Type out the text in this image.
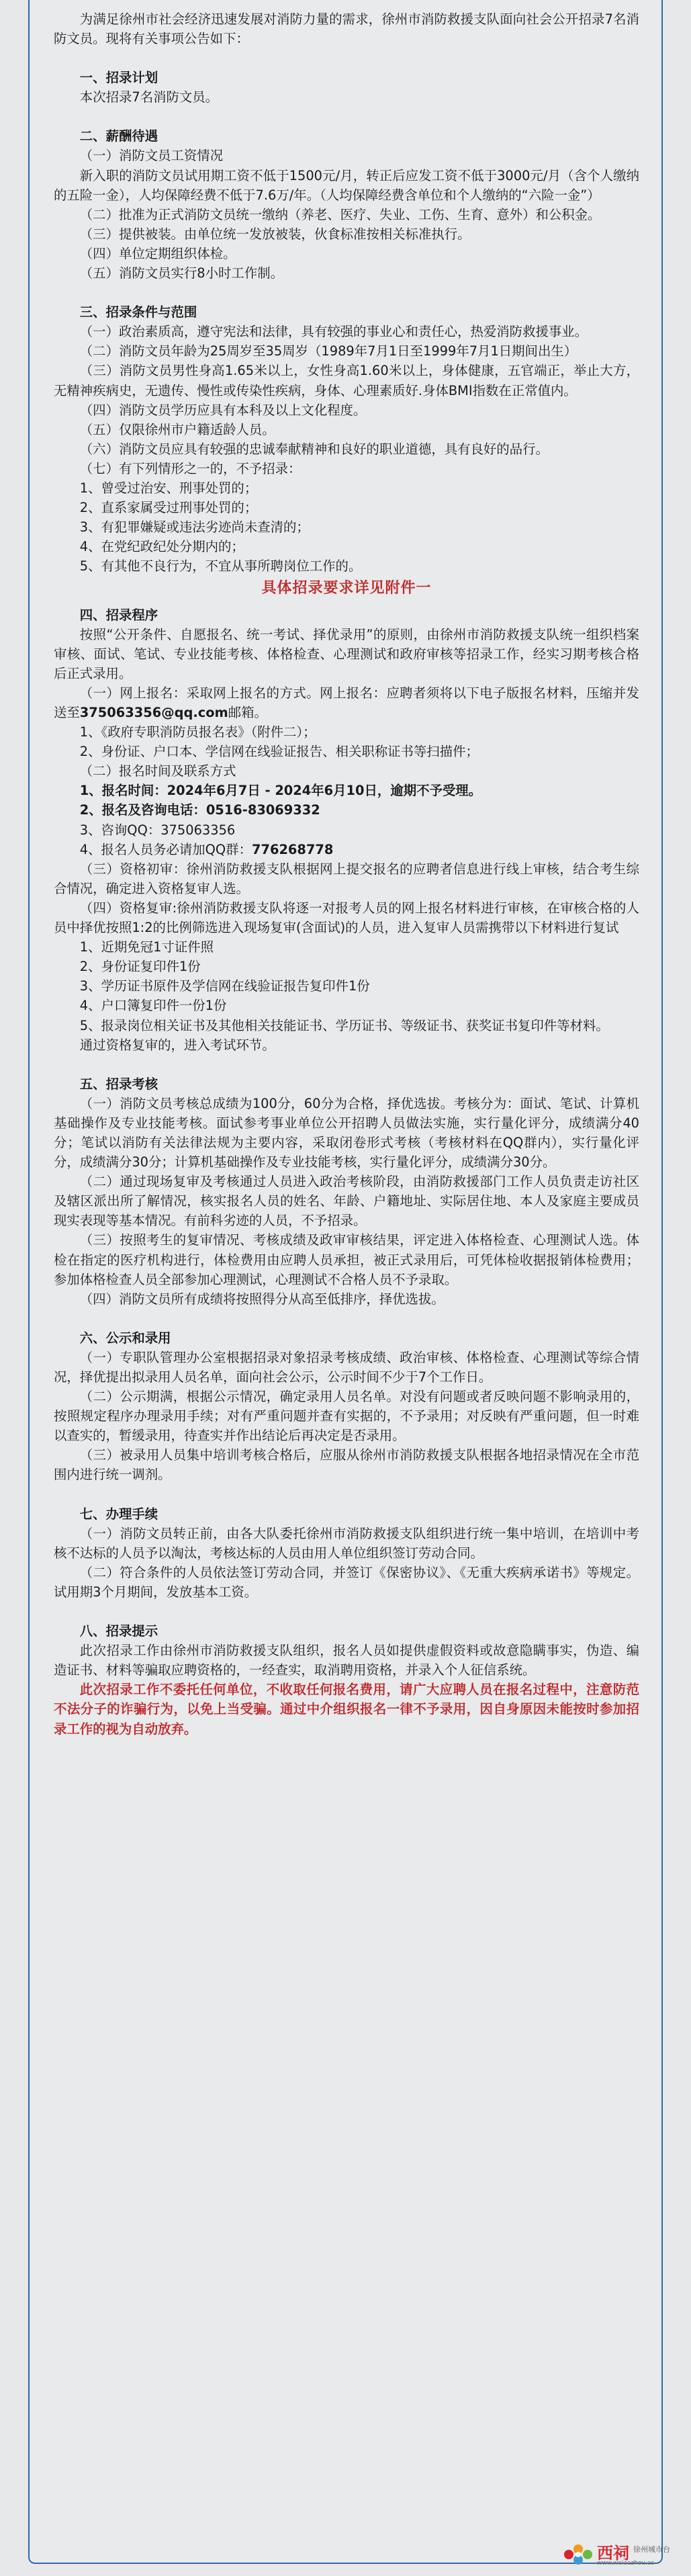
为满足徐州市社会经济迅速发展对消防力量的需求，徐州市消防救援支队面向社会公开招录7名消防文员。现将有关事项公告如下：

一、招录计划

本次招录7名消防文员。

二、薪酬待遇

（一）消防文员工资情况

新入职的消防文员试用期工资不低于1500元/月，转正后应发工资不低于3000元/月（含个人缴纳的五险一金），人均保障经费不低于7.6万/年。（人均保障经费含单位和个人缴纳的“六险一金”）

（二）批准为正式消防文员统一缴纳（养老、医疗、失业、工伤、生育、意外）和公积金。

（三）提供被装。由单位统一发放被装，伙食标准按相关标准执行。

（四）单位定期组织体检。

（五）消防文员实行8小时工作制。

三、招录条件与范围

（一）政治素质高，遵守宪法和法律，具有较强的事业心和责任心，热爱消防救援事业。

（二）消防文员年龄为25周岁至35周岁（1989年7月1日至1999年7月1日期间出生）

（三）消防文员男性身高1.65米以上，女性身高1.60米以上，身体健康，五官端正，举止大方，无精神疾病史，无遗传、慢性或传染性疾病，身体、心理素质好.身体BMI指数在正常值内。

（四）消防文员学历应具有本科及以上文化程度。

（五）仅限徐州市户籍适龄人员。

（六）消防文员应具有较强的忠诚奉献精神和良好的职业道德，具有良好的品行。

（七）有下列情形之一的，不予招录：

1、曾受过治安、刑事处罚的；

2、直系家属受过刑事处罚的；

3、有犯罪嫌疑或违法劣迹尚未查清的；

4、在党纪政纪处分期内的；

5、有其他不良行为，不宜从事所聘岗位工作的。

具体招录要求详见附件一

四、招录程序

按照“公开条件、自愿报名、统一考试、择优录用”的原则，由徐州市消防救援支队统一组织档案审核、面试、笔试、专业技能考核、体格检查、心理测试和政府审核等招录工作，经实习期考核合格后正式录用。

（一）网上报名：采取网上报名的方式。网上报名：应聘者须将以下电子版报名材料，压缩并发送至375063356@qq.com邮箱。

1、《政府专职消防员报名表》（附件二）；

2、身份证、户口本、学信网在线验证报告、相关职称证书等扫描件；

（二）报名时间及联系方式

1、报名时间：2024年6月7日 - 2024年6月10日，逾期不予受理。

2、报名及咨询电话：0516-83069332

3、咨询QQ：375063356

4、报名人员务必请加QQ群：776268778

（三）资格初审：徐州消防救援支队根据网上提交报名的应聘者信息进行线上审核，结合考生综合情况，确定进入资格复审人选。

（四）资格复审:徐州消防救援支队将逐一对报考人员的网上报名材料进行审核，在审核合格的人员中择优按照1:2的比例筛选进入现场复审(含面试)的人员，进入复审人员需携带以下材料进行复试

1、近期免冠1寸证件照

2、身份证复印件1份

3、学历证书原件及学信网在线验证报告复印件1份

4、户口簿复印件一份1份

5、报录岗位相关证书及其他相关技能证书、学历证书、等级证书、获奖证书复印件等材料。

通过资格复审的，进入考试环节。

五、招录考核

（一）消防文员考核总成绩为100分，60分为合格，择优选拔。考核分为：面试、笔试、计算机基础操作及专业技能考核。面试参考事业单位公开招聘人员做法实施，实行量化评分，成绩满分40分；笔试以消防有关法律法规为主要内容，采取闭卷形式考核（考核材料在QQ群内），实行量化评分，成绩满分30分；计算机基础操作及专业技能考核，实行量化评分，成绩满分30分。

（二）通过现场复审及考核通过人员进入政治考核阶段，由消防救援部门工作人员负责走访社区及辖区派出所了解情况，核实报名人员的姓名、年龄、户籍地址、实际居住地、本人及家庭主要成员现实表现等基本情况。有前科劣迹的人员，不予招录。

（三）按照考生的复审情况、考核成绩及政审审核结果，评定进入体格检查、心理测试人选。体检在指定的医疗机构进行，体检费用由应聘人员承担，被正式录用后，可凭体检收据报销体检费用；参加体格检查人员全部参加心理测试，心理测试不合格人员不予录取。

（四）消防文员所有成绩将按照得分从高至低排序，择优选拔。

六、公示和录用

（一）专职队管理办公室根据招录对象招录考核成绩、政治审核、体格检查、心理测试等综合情况，择优提出拟录用人员名单，面向社会公示，公示时间不少于7个工作日。

（二）公示期满，根据公示情况，确定录用人员名单。对没有问题或者反映问题不影响录用的，按照规定程序办理录用手续；对有严重问题并查有实据的，不予录用；对反映有严重问题，但一时难以查实的，暂缓录用，待查实并作出结论后再决定是否录用。

（三）被录用人员集中培训考核合格后，应服从徐州市消防救援支队根据各地招录情况在全市范围内进行统一调剂。

七、办理手续

（一）消防文员转正前，由各大队委托徐州市消防救援支队组织进行统一集中培训，在培训中考核不达标的人员予以淘汰，考核达标的人员由用人单位组织签订劳动合同。

（二）符合条件的人员依法签订劳动合同，并签订《保密协议》、《无重大疾病承诺书》等规定。试用期3个月期间，发放基本工资。

八、招录提示

此次招录工作由徐州市消防救援支队组织，报名人员如提供虚假资料或故意隐瞒事实，伪造、编造证书、材料等骗取应聘资格的，一经查实，取消聘用资格，并录入个人征信系统。

此次招录工作不委托任何单位，不收取任何报名费用，请广大应聘人员在报名过程中，注意防范不法分子的诈骗行为，以免上当受骗。通过中介组织报名一律不予录用，因自身原因未能按时参加招录工作的视为自动放弃。

西祠 徐州城市台
www.xiciaazhou.as
